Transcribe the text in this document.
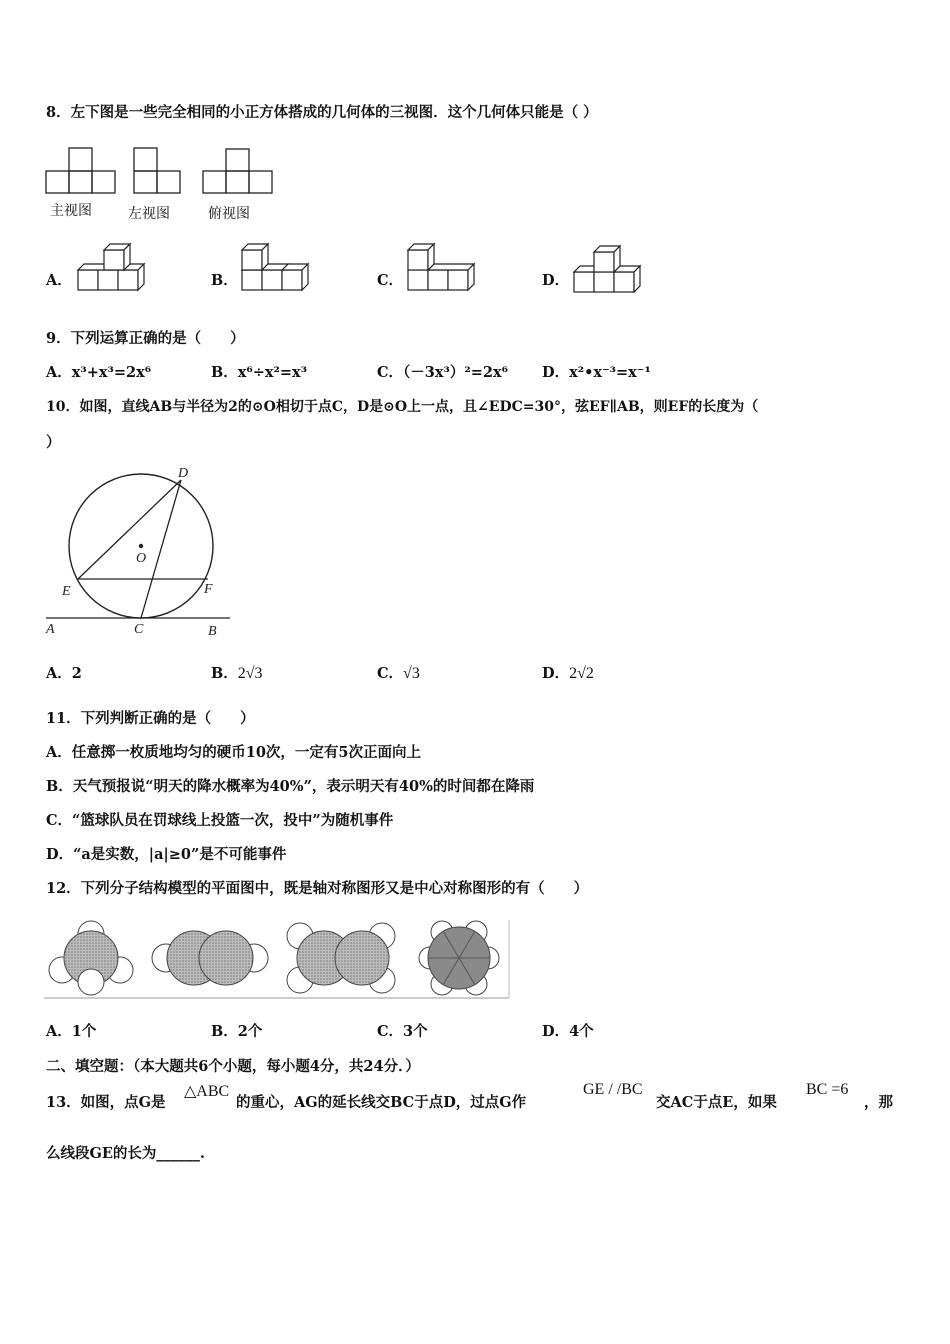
8．左下图是一些完全相同的小正方体搭成的几何体的三视图．这个几何体只能是（ ）
主视图	左视图	俯视图
A．	B．	C．	D．
9．下列运算正确的是（　　）
A．x³+x³=2x⁶	B．x⁶÷x²=x³	C．（－3x³）²=2x⁶ D．x²•x⁻³=x⁻¹
10．如图，直线AB与半径为2的⊙O相切于点C，D是⊙O上一点，且∠EDC=30°，弦EF∥AB，则EF的长度为（
）
D
O
E	F
A	C	B
A．2	B．2√3	C．√3	D．2√2
11．下列判断正确的是（　　）
A．任意掷一枚质地均匀的硬币10次，一定有5次正面向上
B．天气预报说“明天的降水概率为40%”，表示明天有40%的时间都在降雨
C．“篮球队员在罚球线上投篮一次，投中”为随机事件
D．“a是实数，|a|≥0”是不可能事件
12．下列分子结构模型的平面图中，既是轴对称图形又是中心对称图形的有（　　）
A．1个	B．2个	C．3个	D．4个
二、填空题：（本大题共6个小题，每小题4分，共24分．）
13．如图，点G是
△ABC
的重心，AG的延长线交BC于点D，过点G作
GE / /BC
交AC于点E，如果
BC =6
，那
么线段GE的长为______.
